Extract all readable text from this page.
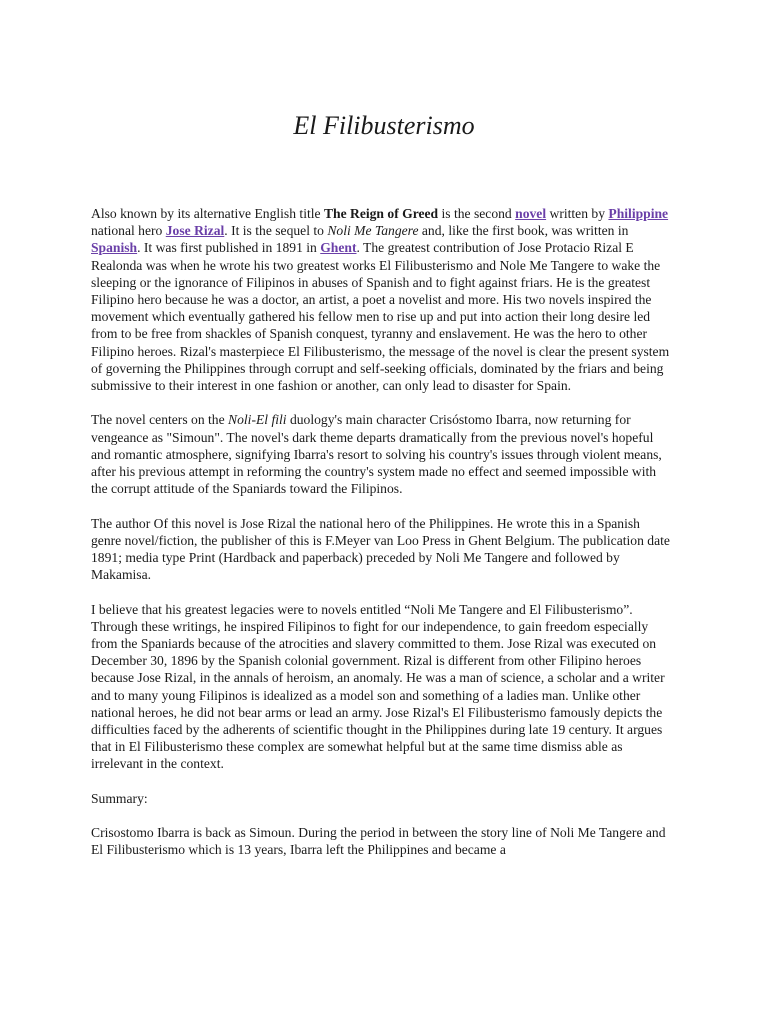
El Filibusterismo

Also known by its alternative English title The Reign of Greed is the second novel written by Philippine national hero Jose Rizal. It is the sequel to Noli Me Tangere and, like the first book, was written in Spanish. It was first published in 1891 in Ghent. The greatest contribution of Jose Protacio Rizal E Realonda was when he wrote his two greatest works El Filibusterismo and Nole Me Tangere to wake the sleeping or the ignorance of Filipinos in abuses of Spanish and to fight against friars. He is the greatest Filipino hero because he was a doctor, an artist, a poet a novelist and more. His two novels inspired the movement which eventually gathered his fellow men to rise up and put into action their long desire led from to be free from shackles of Spanish conquest, tyranny and enslavement. He was the hero to other Filipino heroes. Rizal's masterpiece El Filibusterismo, the message of the novel is clear the present system of governing the Philippines through corrupt and self-seeking officials, dominated by the friars and being submissive to their interest in one fashion or another, can only lead to disaster for Spain.

The novel centers on the Noli-El fili duology's main character Crisóstomo Ibarra, now returning for vengeance as "Simoun". The novel's dark theme departs dramatically from the previous novel's hopeful and romantic atmosphere, signifying Ibarra's resort to solving his country's issues through violent means, after his previous attempt in reforming the country's system made no effect and seemed impossible with the corrupt attitude of the Spaniards toward the Filipinos.

The author Of this novel is Jose Rizal the national hero of the Philippines. He wrote this in a Spanish genre novel/fiction, the publisher of this is F.Meyer van Loo Press in Ghent Belgium. The publication date 1891; media type Print (Hardback and paperback) preceded by Noli Me Tangere and followed by Makamisa.

I believe that his greatest legacies were to novels entitled “Noli Me Tangere and El Filibusterismo”. Through these writings, he inspired Filipinos to fight for our independence, to gain freedom especially from the Spaniards because of the atrocities and slavery committed to them. Jose Rizal was executed on December 30, 1896 by the Spanish colonial government. Rizal is different from other Filipino heroes because Jose Rizal, in the annals of heroism, an anomaly. He was a man of science, a scholar and a writer and to many young Filipinos is idealized as a model son and something of a ladies man. Unlike other national heroes, he did not bear arms or lead an army. Jose Rizal's El Filibusterismo famously depicts the difficulties faced by the adherents of scientific thought in the Philippines during late 19 century. It argues that in El Filibusterismo these complex are somewhat helpful but at the same time dismiss able as irrelevant in the context.

Summary:

Crisostomo Ibarra is back as Simoun. During the period in between the story line of Noli Me Tangere and El Filibusterismo which is 13 years, Ibarra left the Philippines and became a
